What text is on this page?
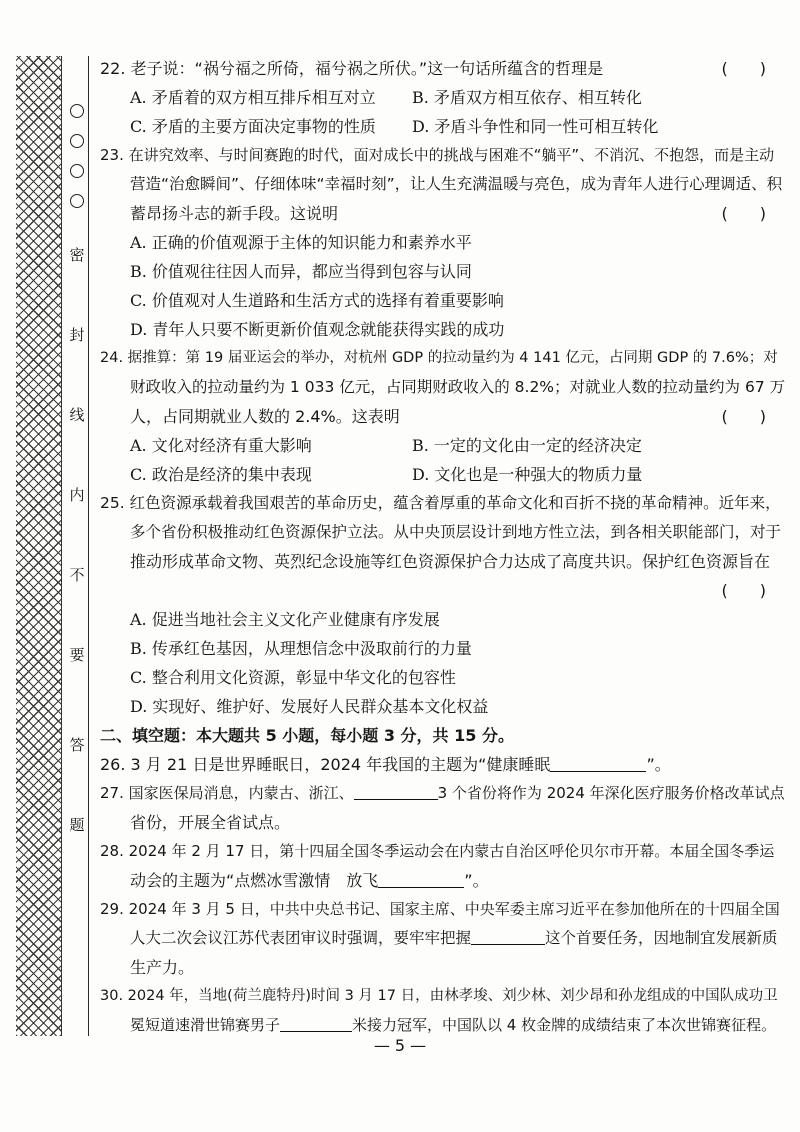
密
封
线
内
不
要
答
题
22. 老子说：“祸兮福之所倚，福兮祸之所伏。”这一句话所蕴含的哲理是	(　　)
A. 矛盾着的双方相互排斥相互对立	B. 矛盾双方相互依存、相互转化
C. 矛盾的主要方面决定事物的性质	D. 矛盾斗争性和同一性可相互转化
23. 在讲究效率、与时间赛跑的时代，面对成长中的挑战与困难不“躺平”、不消沉、不抱怨，而是主动
营造“治愈瞬间”、仔细体味“幸福时刻”，让人生充满温暖与亮色，成为青年人进行心理调适、积
蓄昂扬斗志的新手段。这说明	(　　)
A. 正确的价值观源于主体的知识能力和素养水平
B. 价值观往往因人而异，都应当得到包容与认同
C. 价值观对人生道路和生活方式的选择有着重要影响
D. 青年人只要不断更新价值观念就能获得实践的成功
24. 据推算：第 19 届亚运会的举办，对杭州 GDP 的拉动量约为 4 141 亿元，占同期 GDP 的 7.6%；对
财政收入的拉动量约为 1 033 亿元，占同期财政收入的 8.2%；对就业人数的拉动量约为 67 万
人，占同期就业人数的 2.4%。这表明	(　　)
A. 文化对经济有重大影响	B. 一定的文化由一定的经济决定
C. 政治是经济的集中表现	D. 文化也是一种强大的物质力量
25. 红色资源承载着我国艰苦的革命历史，蕴含着厚重的革命文化和百折不挠的革命精神。近年来，
多个省份积极推动红色资源保护立法。从中央顶层设计到地方性立法，到各相关职能部门，对于
推动形成革命文物、英烈纪念设施等红色资源保护合力达成了高度共识。保护红色资源旨在
(　　)
A. 促进当地社会主义文化产业健康有序发展
B. 传承红色基因，从理想信念中汲取前行的力量
C. 整合利用文化资源，彰显中华文化的包容性
D. 实现好、维护好、发展好人民群众基本文化权益
二、填空题：本大题共 5 小题，每小题 3 分，共 15 分。
26. 3 月 21 日是世界睡眠日，2024 年我国的主题为“健康睡眠	”。
27. 国家医保局消息，内蒙古、浙江、	3 个省份将作为 2024 年深化医疗服务价格改革试点
省份，开展全省试点。
28. 2024 年 2 月 17 日，第十四届全国冬季运动会在内蒙古自治区呼伦贝尔市开幕。本届全国冬季运
动会的主题为“点燃冰雪激情　放飞	”。
29. 2024 年 3 月 5 日，中共中央总书记、国家主席、中央军委主席习近平在参加他所在的十四届全国
人大二次会议江苏代表团审议时强调，要牢牢把握	这个首要任务，因地制宜发展新质
生产力。
30. 2024 年，当地(荷兰鹿特丹)时间 3 月 17 日，由林孝埈、刘少林、刘少昂和孙龙组成的中国队成功卫
冕短道速滑世锦赛男子	米接力冠军，中国队以 4 枚金牌的成绩结束了本次世锦赛征程。
— 5 —
